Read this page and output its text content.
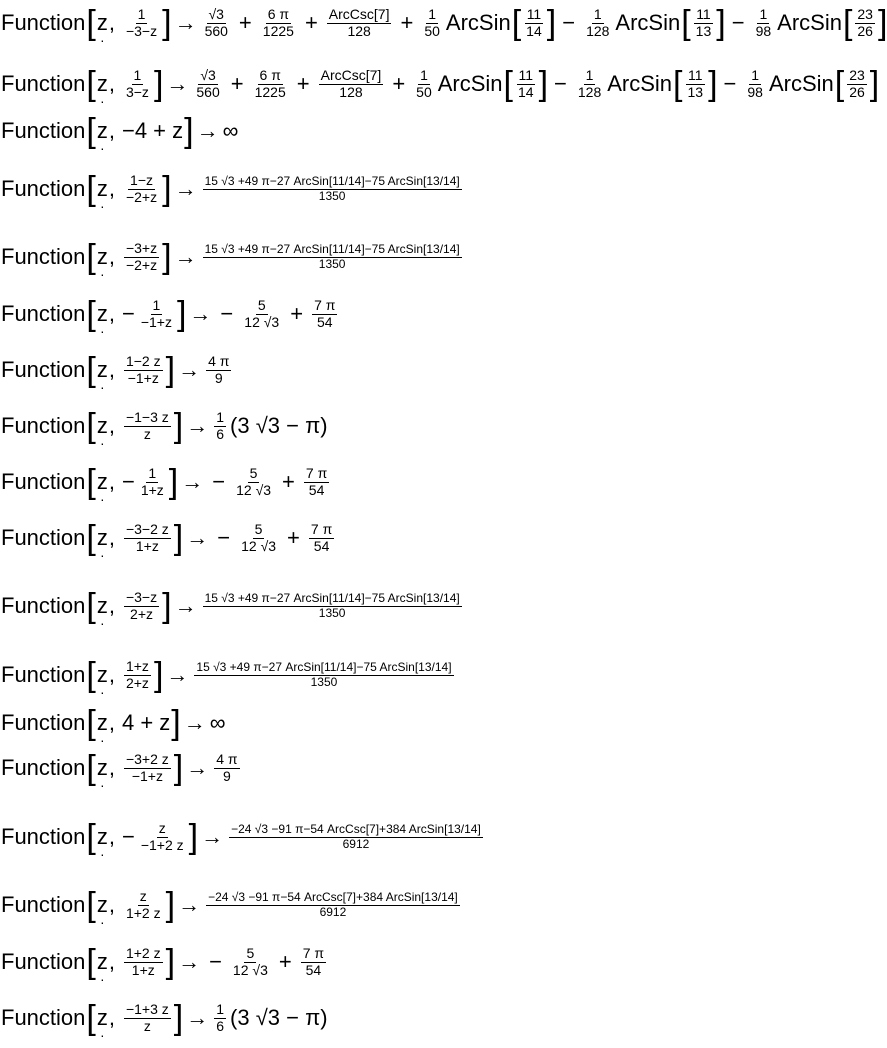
Function [ z · , $\frac{1}{-3-z}$ ] → $\frac{√3}{560} + \frac{6 \pi}{1225} + \frac{\text{ArcCsc[7]}}{128} + \frac{1}{50}$ ArcSin [ $\frac{11}{14}$ ] − $\frac{1}{128}$ ArcSin [ $\frac{11}{13}$ ] − $\frac{1}{98}$ ArcSin [ $\frac{23}{26}$ ]
Function [ z · , $\frac{1}{3-z}$ ] → $\frac{√3}{560} + \frac{6 \pi}{1225} + \frac{\text{ArcCsc[7]}}{128} + \frac{1}{50}$ ArcSin [ $\frac{11}{14}$ ] − $\frac{1}{128}$ ArcSin [ $\frac{11}{13}$ ] − $\frac{1}{98}$ ArcSin [ $\frac{23}{26}$ ]
Function [ z · , −4 + z ] → ∞
Function [ z · , $\frac{1-z}{-2+z}$ ] → $\frac{\text{15 √3 +49 π−27 ArcSin[11/14]−75 ArcSin[13/14]}}{1350}$
Function [ z · , $\frac{-3+z}{-2+z}$ ] → $\frac{\text{15 √3 +49 π−27 ArcSin[11/14]−75 ArcSin[13/14]}}{1350}$
Function [ z · , − $\frac{1}{-1+z}$ ] → − $\frac{5}{12 √3} + \frac{7 \pi}{54}$
Function [ z · , $\frac{1-2 z}{-1+z}$ ] → $\frac{4 \pi}{9}$
Function [ z · , $\frac{-1-3 z}{z}$ ] → $\frac{1}{6} (3$ √3 − π)
Function [ z · , − $\frac{1}{1+z}$ ] → − $\frac{5}{12 √3} + \frac{7 \pi}{54}$
Function [ z · , $\frac{-3-2 z}{1+z}$ ] → − $\frac{5}{12 √3} + \frac{7 \pi}{54}$
Function [ z · , $\frac{-3-z}{2+z}$ ] → $\frac{\text{15 √3 +49 π−27 ArcSin[11/14]−75 ArcSin[13/14]}}{1350}$
Function [ z · , $\frac{1+z}{2+z}$ ] → $\frac{\text{15 √3 +49 π−27 ArcSin[11/14]−75 ArcSin[13/14]}}{1350}$
Function [ z · , 4 + z ] → ∞
Function [ z · , $\frac{-3+2 z}{-1+z}$ ] → $\frac{4 \pi}{9}$
Function [ z · , − $\frac{z}{-1+2 z}$ ] → $\frac{\text{−24 √3 −91 π−54 ArcCsc[7]+384 ArcSin[13/14]}}{6912}$
Function [ z · , $\frac{z}{1+2 z}$ ] → $\frac{\text{−24 √3 −91 π−54 ArcCsc[7]+384 ArcSin[13/14]}}{6912}$
Function [ z · , $\frac{1+2 z}{1+z}$ ] → − $\frac{5}{12 √3} + \frac{7 \pi}{54}$
Function [ z · , $\frac{-1+3 z}{z}$ ] → $\frac{1}{6} (3$ √3 − π)
